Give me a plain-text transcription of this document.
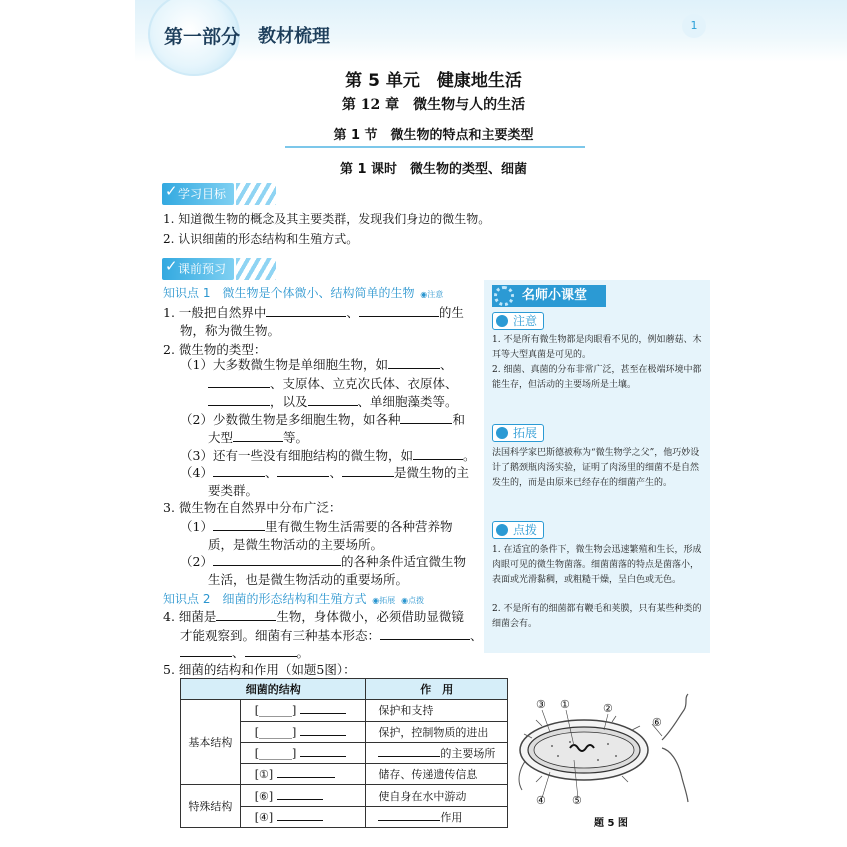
第一部分 教材梳理
1
第 5 单元　健康地生活
第 12 章　微生物与人的生活
第 1 节　微生物的特点和主要类型
第 1 课时　微生物的类型、细菌
✓ 学习目标
1. 知道微生物的概念及其主要类群，发现我们身边的微生物。
2. 认识细菌的形态结构和生殖方式。
✓ 课前预习
知识点 1　微生物是个体微小、结构简单的生物 ◉注意
1. 一般把自然界中	、	的生
物，称为微生物。
2. 微生物的类型：
（1）大多数微生物是单细胞生物，如	、
、支原体、立克次氏体、衣原体、
，以及	、单细胞藻类等。
（2）少数微生物是多细胞生物，如各种	和
大型	等。
（3）还有一些没有细胞结构的微生物，如	。
（4）	、	、	是微生物的主
要类群。
3. 微生物在自然界中分布广泛：
（1）	里有微生物生活需要的各种营养物
质，是微生物活动的主要场所。
（2）	的各种条件适宜微生物
生活，也是微生物活动的重要场所。
知识点 2　细菌的形态结构和生殖方式 ◉拓展 ◉点拨
4. 细菌是	生物，身体微小，必须借助显微镜
才能观察到。细菌有三种基本形态：	、
、	。
5. 细菌的结构和作用（如题5图）：
名师小课堂
注意
1. 不是所有微生物都是肉眼看不见的，例如蘑菇、木耳等大型真菌是可见的。
2. 细菌、真菌的分布非常广泛，甚至在极端环境中都能生存，但活动的主要场所是土壤。
拓展
法国科学家巴斯德被称为“微生物学之父”，他巧妙设计了鹅颈瓶肉汤实验，证明了肉汤里的细菌不是自然发生的，而是由原来已经存在的细菌产生的。
点拨
1. 在适宜的条件下，微生物会迅速繁殖和生长，形成肉眼可见的微生物菌落。细菌菌落的特点是菌落小，表面或光滑黏稠，或粗糙干燥，呈白色或无色。
2. 不是所有的细菌都有鞭毛和荚膜，只有某些种类的细菌会有。
细菌的结构		作　用
基本结构	[______]	保护和支持
	[______]	保护，控制物质的进出
	[______]	的主要场所
	[①]	储存、传递遗传信息
特殊结构	[⑥]	使自身在水中游动
	[④]	作用
③ ①	②
⑥
④ ⑤
题 5 图
